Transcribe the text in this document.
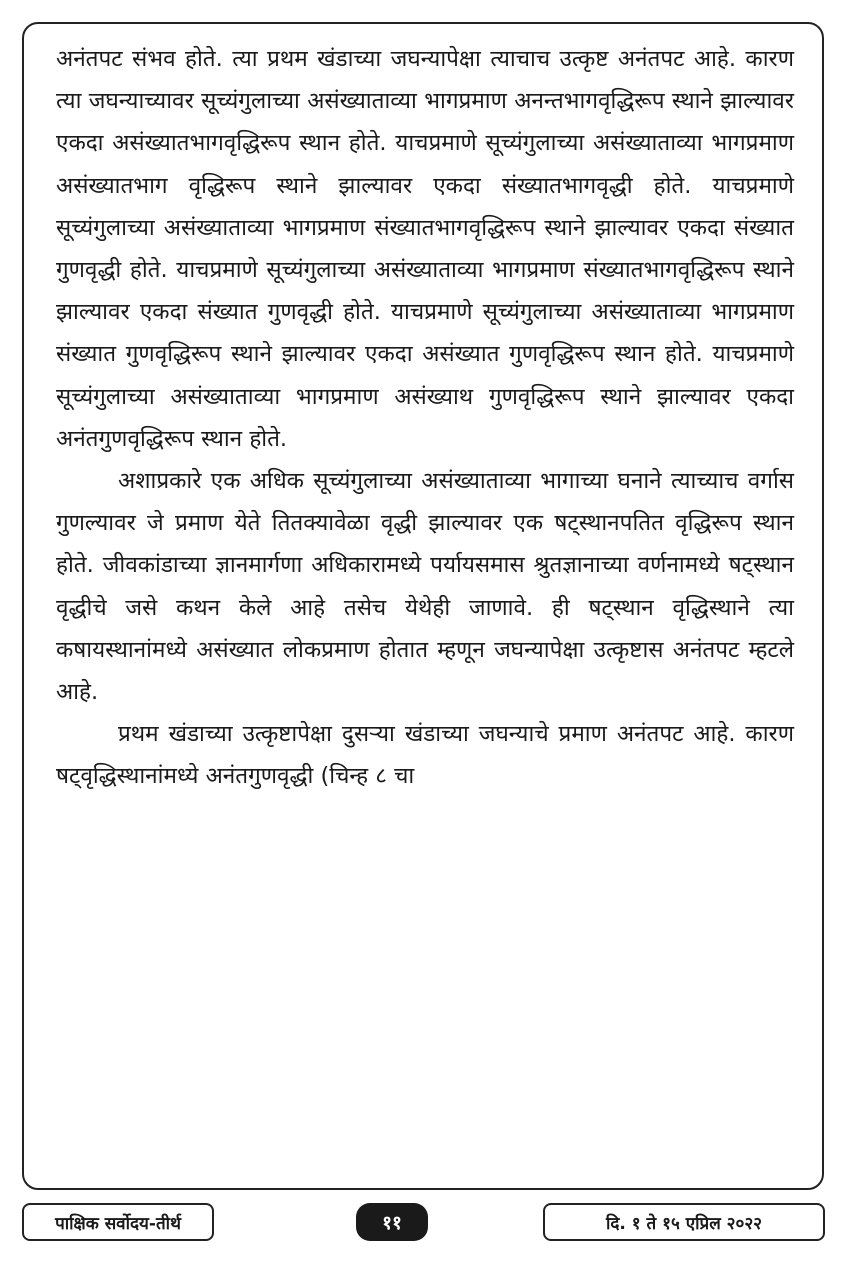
अनंतपट संभव होते. त्या प्रथम खंडाच्या जघन्यापेक्षा त्याचाच उत्कृष्ट अनंतपट आहे. कारण त्या जघन्याच्यावर सूच्यंगुलाच्या असंख्याताव्या भागप्रमाण अनन्तभागवृद्धिरूप स्थाने झाल्यावर एकदा असंख्यातभागवृद्धिरूप स्थान होते. याचप्रमाणे सूच्यंगुलाच्या असंख्याताव्या भागप्रमाण असंख्यातभाग वृद्धिरूप स्थाने झाल्यावर एकदा संख्यातभागवृद्धी होते. याचप्रमाणे सूच्यंगुलाच्या असंख्याताव्या भागप्रमाण संख्यातभागवृद्धिरूप स्थाने झाल्यावर एकदा संख्यात गुणवृद्धी होते. याचप्रमाणे सूच्यंगुलाच्या असंख्याताव्या भागप्रमाण संख्यातभागवृद्धिरूप स्थाने झाल्यावर एकदा संख्यात गुणवृद्धी होते. याचप्रमाणे सूच्यंगुलाच्या असंख्याताव्या भागप्रमाण संख्यात गुणवृद्धिरूप स्थाने झाल्यावर एकदा असंख्यात गुणवृद्धिरूप स्थान होते. याचप्रमाणे सूच्यंगुलाच्या असंख्याताव्या भागप्रमाण असंख्याथ गुणवृद्धिरूप स्थाने झाल्यावर एकदा अनंतगुणवृद्धिरूप स्थान होते.

अशाप्रकारे एक अधिक सूच्यंगुलाच्या असंख्याताव्या भागाच्या घनाने त्याच्याच वर्गास गुणल्यावर जे प्रमाण येते तितक्यावेळा वृद्धी झाल्यावर एक षट्स्थानपतित वृद्धिरूप स्थान होते. जीवकांडाच्या ज्ञानमार्गणा अधिकारामध्ये पर्यायसमास श्रुतज्ञानाच्या वर्णनामध्ये षट्स्थान वृद्धीचे जसे कथन केले आहे तसेच येथेही जाणावे. ही षट्स्थान वृद्धिस्थाने त्या कषायस्थानांमध्ये असंख्यात लोकप्रमाण होतात म्हणून जघन्यापेक्षा उत्कृष्टास अनंतपट म्हटले आहे.

प्रथम खंडाच्या उत्कृष्टापेक्षा दुसऱ्या खंडाच्या जघन्याचे प्रमाण अनंतपट आहे. कारण षट्वृद्धिस्थानांमध्ये अनंतगुणवृद्धी (चिन्ह ८ चा

पाक्षिक सर्वोदय-तीर्थ	११	दि. १ ते १५ एप्रिल २०२२
